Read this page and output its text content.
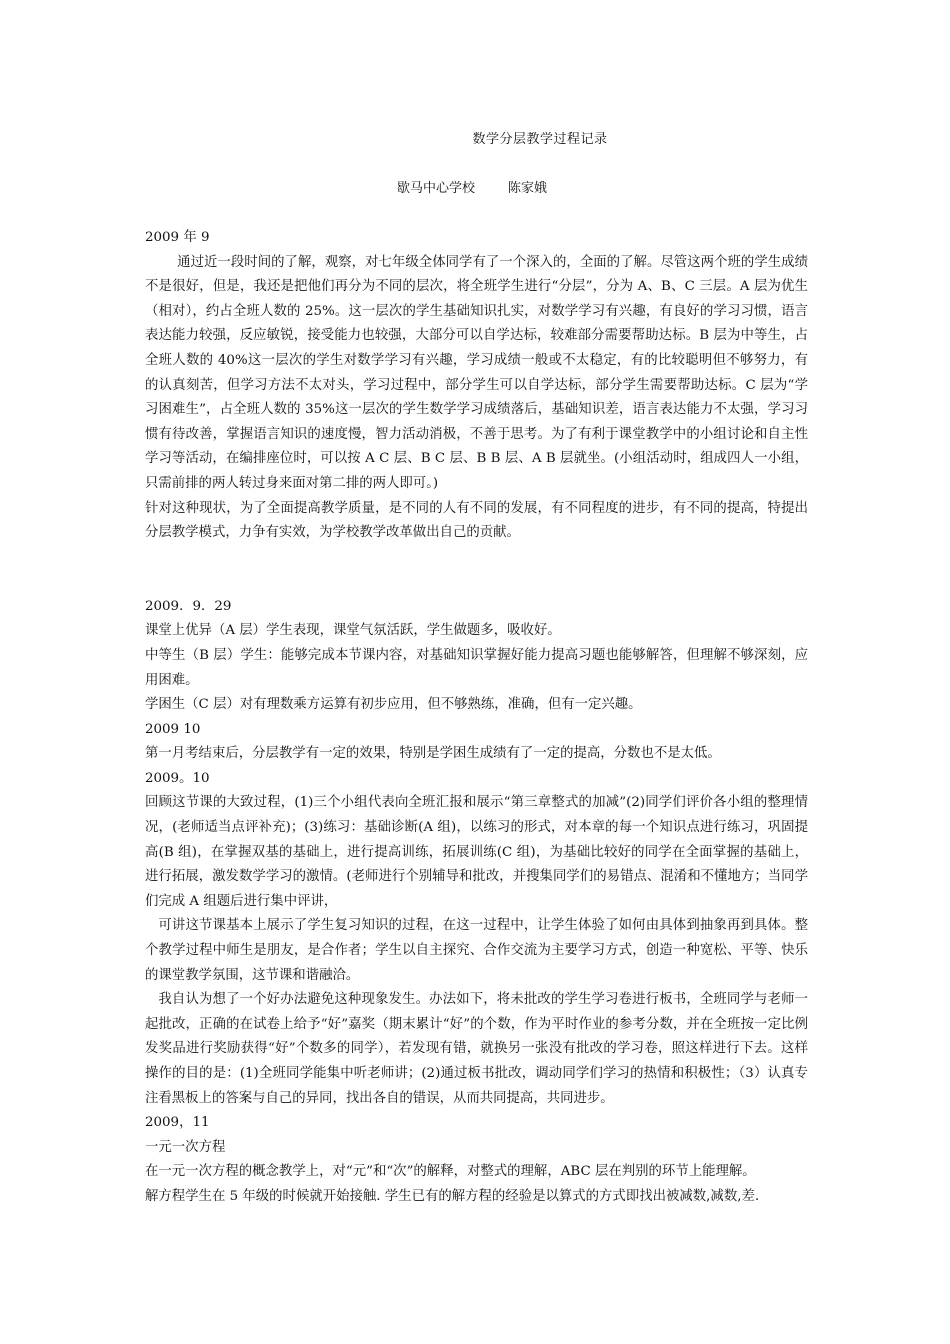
数学分层教学过程记录
歇马中心学校        陈家娥

2009 年 9

通过近一段时间的了解，观察，对七年级全体同学有了一个深入的，全面的了解。尽管这两个班的学生成绩不是很好，但是，我还是把他们再分为不同的层次，将全班学生进行“分层”，分为 A、B、C 三层。A 层为优生（相对），约占全班人数的 25%。这一层次的学生基础知识扎实，对数学学习有兴趣，有良好的学习习惯，语言表达能力较强，反应敏锐，接受能力也较强，大部分可以自学达标，较难部分需要帮助达标。B 层为中等生，占全班人数的 40%这一层次的学生对数学学习有兴趣，学习成绩一般或不太稳定，有的比较聪明但不够努力，有的认真刻苦，但学习方法不太对头，学习过程中，部分学生可以自学达标，部分学生需要帮助达标。C 层为“学习困难生”，占全班人数的 35%这一层次的学生数学学习成绩落后，基础知识差，语言表达能力不太强，学习习惯有待改善，掌握语言知识的速度慢，智力活动消极，不善于思考。为了有利于课堂教学中的小组讨论和自主性学习等活动，在编排座位时，可以按 A C 层、B C 层、B B 层、A B 层就坐。(小组活动时，组成四人一小组，只需前排的两人转过身来面对第二排的两人即可。)

针对这种现状，为了全面提高教学质量，是不同的人有不同的发展，有不同程度的进步，有不同的提高，特提出分层教学模式，力争有实效，为学校教学改革做出自己的贡献。

2009．9．29

课堂上优异（A 层）学生表现，课堂气氛活跃，学生做题多，吸收好。

中等生（B 层）学生：能够完成本节课内容，对基础知识掌握好能力提高习题也能够解答，但理解不够深刻，应用困难。

学困生（C 层）对有理数乘方运算有初步应用，但不够熟练，准确，但有一定兴趣。

2009 10

第一月考结束后，分层教学有一定的效果，特别是学困生成绩有了一定的提高，分数也不是太低。

2009。10

回顾这节课的大致过程，(1)三个小组代表向全班汇报和展示“第三章整式的加减”(2)同学们评价各小组的整理情况，(老师适当点评补充)；(3)练习：基础诊断(A 组)，以练习的形式，对本章的每一个知识点进行练习，巩固提高(B 组)，在掌握双基的基础上，进行提高训练，拓展训练(C 组)，为基础比较好的同学在全面掌握的基础上，进行拓展，激发数学学习的激情。(老师进行个别辅导和批改，并搜集同学们的易错点、混淆和不懂地方；当同学们完成 A 组题后进行集中评讲，

可讲这节课基本上展示了学生复习知识的过程，在这一过程中，让学生体验了如何由具体到抽象再到具体。整个教学过程中师生是朋友，是合作者；学生以自主探究、合作交流为主要学习方式，创造一种宽松、平等、快乐的课堂教学氛围，这节课和谐融洽。

我自认为想了一个好办法避免这种现象发生。办法如下，将未批改的学生学习卷进行板书，全班同学与老师一起批改，正确的在试卷上给予“好”嘉奖（期末累计“好”的个数，作为平时作业的参考分数，并在全班按一定比例发奖品进行奖励获得“好”个数多的同学），若发现有错，就换另一张没有批改的学习卷，照这样进行下去。这样操作的目的是：(1)全班同学能集中听老师讲；(2)通过板书批改，调动同学们学习的热情和积极性；（3）认真专注看黑板上的答案与自己的异同，找出各自的错误，从而共同提高，共同进步。

2009，11

一元一次方程

在一元一次方程的概念教学上，对“元”和“次”的解释，对整式的理解，ABC 层在判别的环节上能理解。

解方程学生在 5 年级的时候就开始接触. 学生已有的解方程的经验是以算式的方式即找出被减数,减数,差.
